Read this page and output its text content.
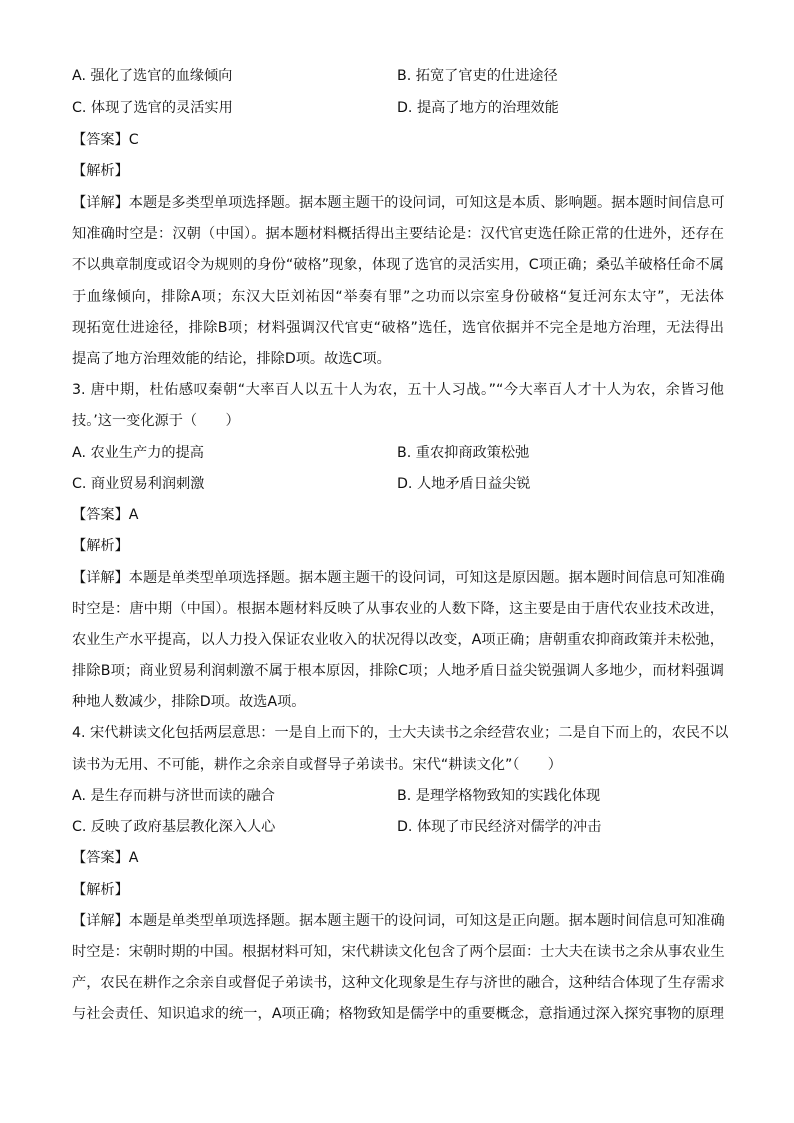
A. 强化了选官的血缘倾向	B. 拓宽了官吏的仕进途径
C. 体现了选官的灵活实用	D. 提高了地方的治理效能
【答案】C
【解析】
【详解】本题是多类型单项选择题。据本题主题干的设问词，可知这是本质、影响题。据本题时间信息可
知准确时空是：汉朝（中国）。据本题材料概括得出主要结论是：汉代官吏选任除正常的仕进外，还存在
不以典章制度或诏令为规则的身份“破格”现象，体现了选官的灵活实用，C项正确；桑弘羊破格任命不属
于血缘倾向，排除A项；东汉大臣刘祐因“举奏有罪”之功而以宗室身份破格“复迁河东太守”，无法体
现拓宽仕进途径，排除B项；材料强调汉代官吏“破格”选任，选官依据并不完全是地方治理，无法得出
提高了地方治理效能的结论，排除D项。故选C项。
3. 唐中期，杜佑感叹秦朝“大率百人以五十人为农，五十人习战。”“今大率百人才十人为农，余皆习他
技。’这一变化源于（　　）
A. 农业生产力的提高	B. 重农抑商政策松弛
C. 商业贸易利润刺激	D. 人地矛盾日益尖锐
【答案】A
【解析】
【详解】本题是单类型单项选择题。据本题主题干的设问词，可知这是原因题。据本题时间信息可知准确
时空是：唐中期（中国）。根据本题材料反映了从事农业的人数下降，这主要是由于唐代农业技术改进，
农业生产水平提高，以人力投入保证农业收入的状况得以改变，A项正确；唐朝重农抑商政策并未松弛，
排除B项；商业贸易利润刺激不属于根本原因，排除C项；人地矛盾日益尖锐强调人多地少，而材料强调
种地人数减少，排除D项。故选A项。
4. 宋代耕读文化包括两层意思：一是自上而下的，士大夫读书之余经营农业；二是自下而上的，农民不以
读书为无用、不可能，耕作之余亲自或督导子弟读书。宋代“耕读文化”（　　）
A. 是生存而耕与济世而读的融合	B. 是理学格物致知的实践化体现
C. 反映了政府基层教化深入人心	D. 体现了市民经济对儒学的冲击
【答案】A
【解析】
【详解】本题是单类型单项选择题。据本题主题干的设问词，可知这是正向题。据本题时间信息可知准确
时空是：宋朝时期的中国。根据材料可知，宋代耕读文化包含了两个层面：士大夫在读书之余从事农业生
产，农民在耕作之余亲自或督促子弟读书，这种文化现象是生存与济世的融合，这种结合体现了生存需求
与社会责任、知识追求的统一，A项正确；格物致知是儒学中的重要概念，意指通过深入探究事物的原理
